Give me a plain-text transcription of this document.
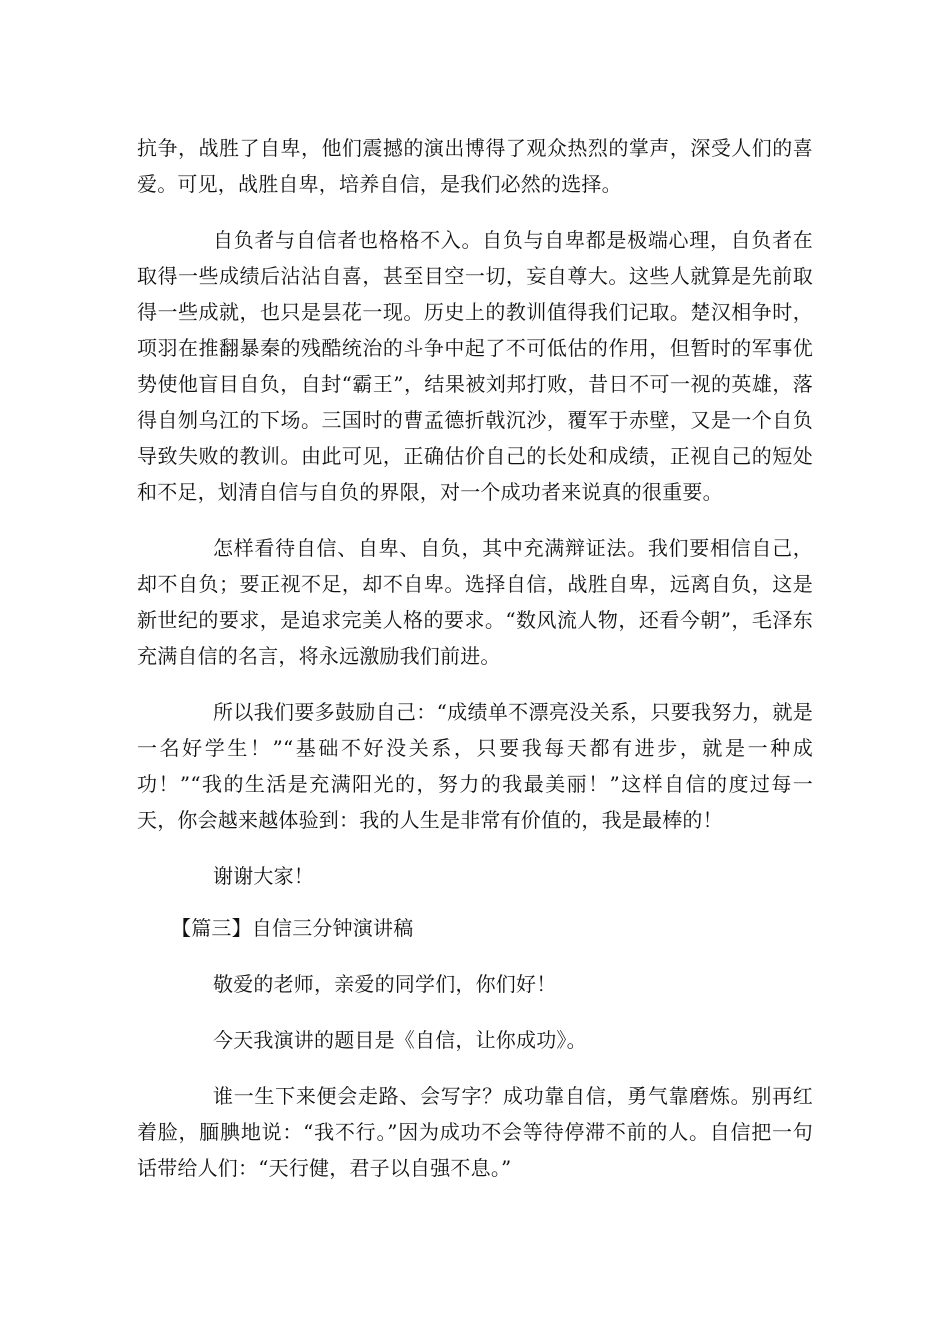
抗争，战胜了自卑，他们震撼的演出博得了观众热烈的掌声，深受人们的喜爱。可见，战胜自卑，培养自信，是我们必然的选择。

自负者与自信者也格格不入。自负与自卑都是极端心理，自负者在取得一些成绩后沾沾自喜，甚至目空一切，妄自尊大。这些人就算是先前取得一些成就，也只是昙花一现。历史上的教训值得我们记取。楚汉相争时，项羽在推翻暴秦的残酷统治的斗争中起了不可低估的作用，但暂时的军事优势使他盲目自负，自封“霸王”，结果被刘邦打败，昔日不可一视的英雄，落得自刎乌江的下场。三国时的曹孟德折戟沉沙，覆军于赤壁，又是一个自负导致失败的教训。由此可见，正确估价自己的长处和成绩，正视自己的短处和不足，划清自信与自负的界限，对一个成功者来说真的很重要。

怎样看待自信、自卑、自负，其中充满辩证法。我们要相信自己，却不自负；要正视不足，却不自卑。选择自信，战胜自卑，远离自负，这是新世纪的要求，是追求完美人格的要求。“数风流人物，还看今朝”，毛泽东充满自信的名言，将永远激励我们前进。

所以我们要多鼓励自己：“成绩单不漂亮没关系，只要我努力，就是一名好学生！”“基础不好没关系，只要我每天都有进步，就是一种成功！”“我的生活是充满阳光的，努力的我最美丽！”这样自信的度过每一天，你会越来越体验到：我的人生是非常有价值的，我是最棒的！

谢谢大家！

【篇三】自信三分钟演讲稿

敬爱的老师，亲爱的同学们，你们好！

今天我演讲的题目是《自信，让你成功》。

谁一生下来便会走路、会写字？成功靠自信，勇气靠磨炼。别再红着脸，腼腆地说：“我不行。”因为成功不会等待停滞不前的人。自信把一句话带给人们：“天行健，君子以自强不息。”
